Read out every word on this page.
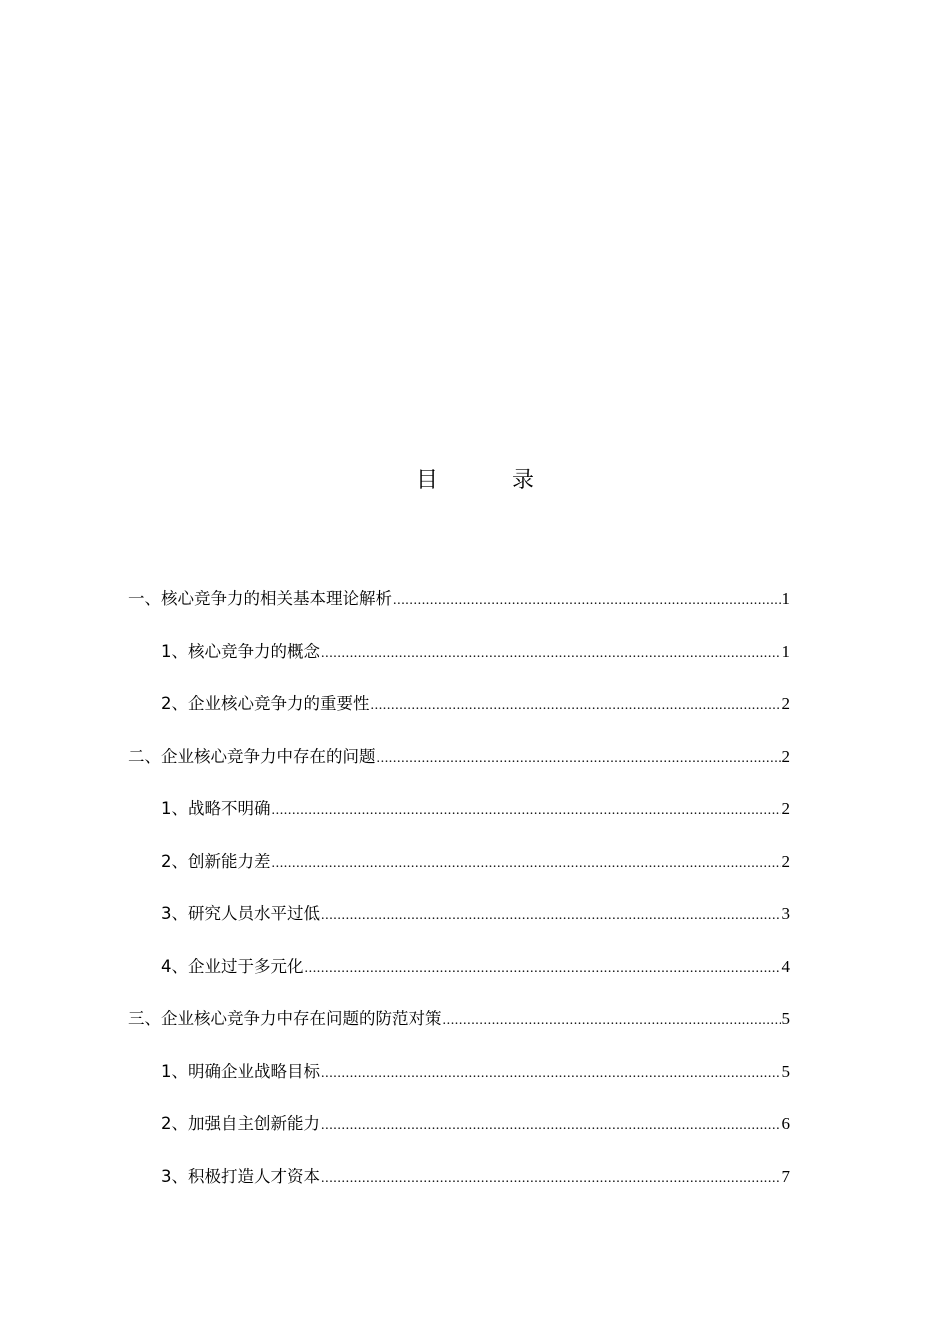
目　录
一、核心竞争力的相关基本理论解析 .....	1
1、核心竞争力的概念 .....	1
2、企业核心竞争力的重要性 .....	2
二、企业核心竞争力中存在的问题 .....	2
1、战略不明确 .....	2
2、创新能力差 .....	2
3、研究人员水平过低 .....	3
4、企业过于多元化 .....	4
三、企业核心竞争力中存在问题的防范对策 .....	5
1、明确企业战略目标 .....	5
2、加强自主创新能力 .....	6
3、积极打造人才资本 .....	7
